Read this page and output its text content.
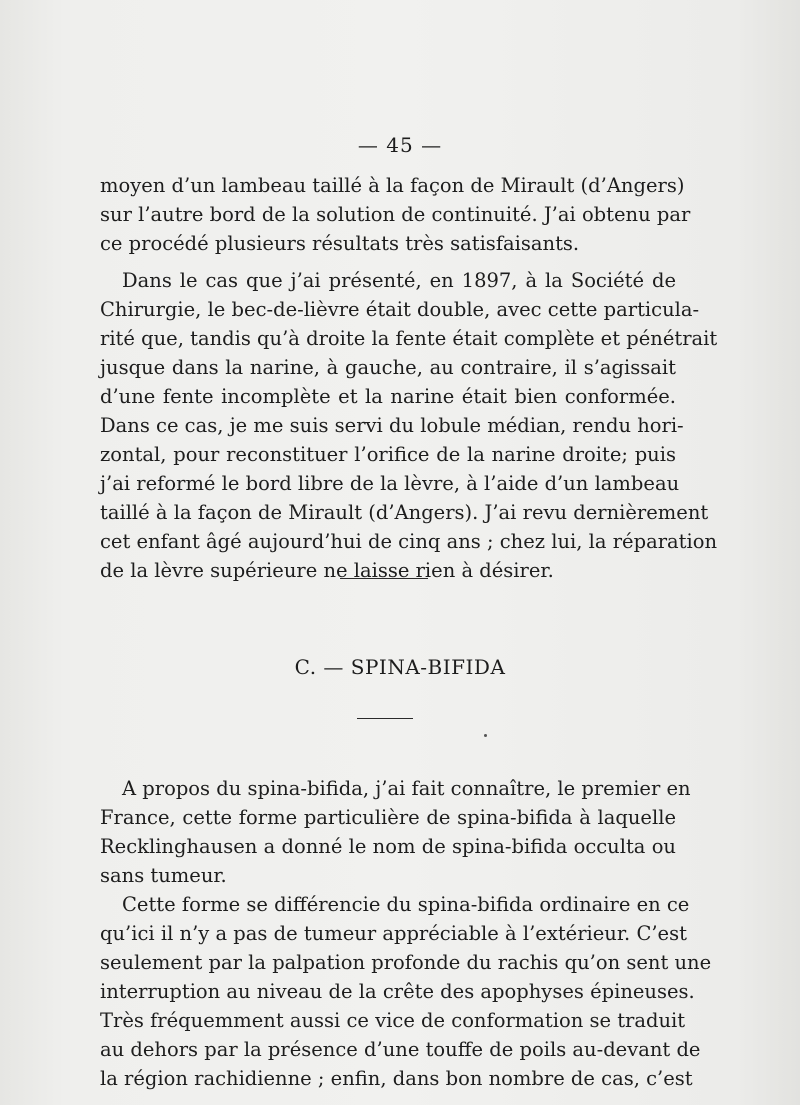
— 45 —
moyen d’un lambeau taillé à la façon de Mirault (d’Angers)
sur l’autre bord de la solution de continuité. J’ai obtenu par
ce procédé plusieurs résultats très satisfaisants.
Dans le cas que j’ai présenté, en 1897, à la Société de
Chirurgie, le bec-de-lièvre était double, avec cette particula-
rité que, tandis qu’à droite la fente était complète et pénétrait
jusque dans la narine, à gauche, au contraire, il s’agissait
d’une fente incomplète et la narine était bien conformée.
Dans ce cas, je me suis servi du lobule médian, rendu hori-
zontal, pour reconstituer l’orifice de la narine droite; puis
j’ai reformé le bord libre de la lèvre, à l’aide d’un lambeau
taillé à la façon de Mirault (d’Angers). J’ai revu dernièrement
cet enfant âgé aujourd’hui de cinq ans ; chez lui, la réparation
de la lèvre supérieure ne laisse rien à désirer.
C. — SPINA-BIFIDA
A propos du spina-bifida, j’ai fait connaître, le premier en
France, cette forme particulière de spina-bifida à laquelle
Recklinghausen a donné le nom de spina-bifida occulta ou
sans tumeur.
Cette forme se différencie du spina-bifida ordinaire en ce
qu’ici il n’y a pas de tumeur appréciable à l’extérieur. C’est
seulement par la palpation profonde du rachis qu’on sent une
interruption au niveau de la crête des apophyses épineuses.
Très fréquemment aussi ce vice de conformation se traduit
au dehors par la présence d’une touffe de poils au-devant de
la région rachidienne ; enfin, dans bon nombre de cas, c’est
